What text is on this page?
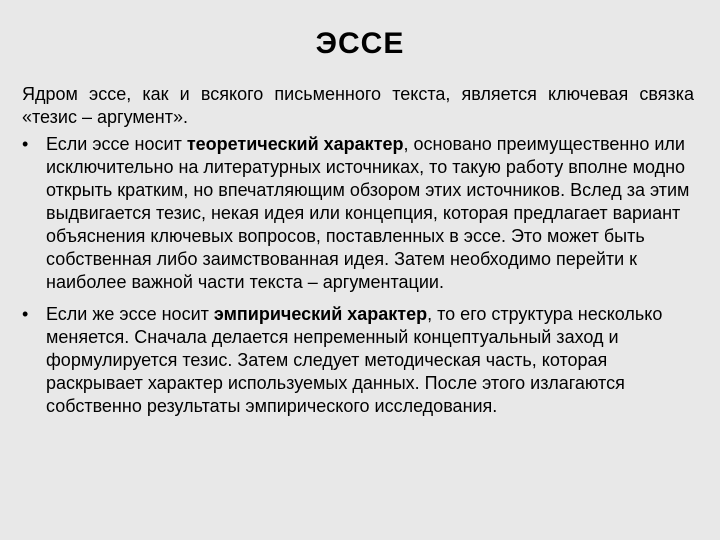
ЭССЕ

Ядром эссе, как и всякого письменного текста, является ключевая связка «тезис – аргумент».

• Если эссе носит теоретический характер, основано преимущественно или исключительно на литературных источниках, то такую работу вполне модно открыть кратким, но впечатляющим обзором этих источников. Вслед за этим выдвигается тезис, некая идея или концепция, которая предлагает вариант объяснения ключевых вопросов, поставленных в эссе. Это может быть собственная либо заимствованная идея. Затем необходимо перейти к наиболее важной части текста – аргументации.
• Если же эссе носит эмпирический характер, то его структура несколько меняется. Сначала делается непременный концептуальный заход и формулируется тезис. Затем следует методическая часть, которая раскрывает характер используемых данных. После этого излагаются собственно результаты эмпирического исследования.
